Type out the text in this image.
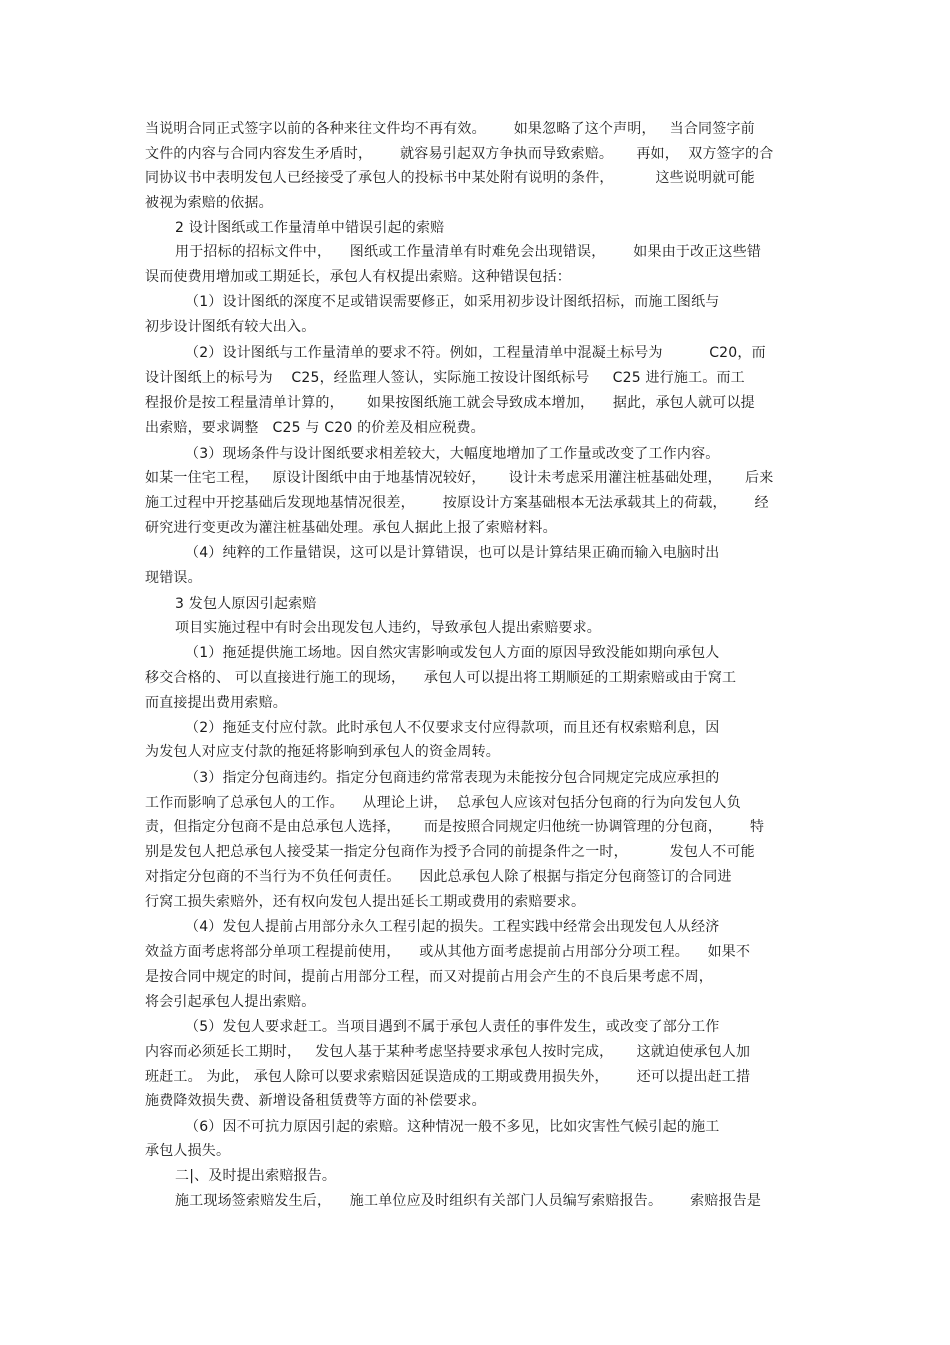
当说明合同正式签字以前的各种来往文件均不再有效。      如果忽略了这个声明，   当合同签字前
文件的内容与合同内容发生矛盾时，      就容易引起双方争执而导致索赔。     再如，  双方签字的合
同协议书中表明发包人已经接受了承包人的投标书中某处附有说明的条件，         这些说明就可能
被视为索赔的依据。
2 设计图纸或工作量清单中错误引起的索赔
用于招标的招标文件中，    图纸或工作量清单有时难免会出现错误，      如果由于改正这些错
误而使费用增加或工期延长，承包人有权提出索赔。这种错误包括：
（1）设计图纸的深度不足或错误需要修正，如采用初步设计图纸招标，而施工图纸与
初步设计图纸有较大出入。
（2）设计图纸与工作量清单的要求不符。例如，工程量清单中混凝土标号为          C20，而
设计图纸上的标号为    C25，经监理人签认，实际施工按设计图纸标号     C25 进行施工。而工
程报价是按工程量清单计算的，     如果按图纸施工就会导致成本增加，    据此，承包人就可以提
出索赔，要求调整   C25 与 C20 的价差及相应税费。
（3）现场条件与设计图纸要求相差较大，大幅度地增加了工作量或改变了工作内容。
如某一住宅工程，   原设计图纸中由于地基情况较好，     设计未考虑采用灌注桩基础处理，     后来
施工过程中开挖基础后发现地基情况很差，      按原设计方案基础根本无法承载其上的荷载，      经
研究进行变更改为灌注桩基础处理。承包人据此上报了索赔材料。
（4）纯粹的工作量错误，这可以是计算错误，也可以是计算结果正确而输入电脑时出
现错误。
3 发包人原因引起索赔
项目实施过程中有时会出现发包人违约，导致承包人提出索赔要求。
（1）拖延提供施工场地。因自然灾害影响或发包人方面的原因导致没能如期向承包人
移交合格的、 可以直接进行施工的现场，    承包人可以提出将工期顺延的工期索赔或由于窝工
而直接提出费用索赔。
（2）拖延支付应付款。此时承包人不仅要求支付应得款项，而且还有权索赔利息，因
为发包人对应支付款的拖延将影响到承包人的资金周转。
（3）指定分包商违约。指定分包商违约常常表现为未能按分包合同规定完成应承担的
工作而影响了总承包人的工作。    从理论上讲，  总承包人应该对包括分包商的行为向发包人负
责，但指定分包商不是由总承包人选择，     而是按照合同规定归他统一协调管理的分包商，      特
别是发包人把总承包人接受某一指定分包商作为授予合同的前提条件之一时，         发包人不可能
对指定分包商的不当行为不负任何责任。    因此总承包人除了根据与指定分包商签订的合同进
行窝工损失索赔外，还有权向发包人提出延长工期或费用的索赔要求。
（4）发包人提前占用部分永久工程引起的损失。工程实践中经常会出现发包人从经济
效益方面考虑将部分单项工程提前使用，    或从其他方面考虑提前占用部分分项工程。    如果不
是按合同中规定的时间，提前占用部分工程，而又对提前占用会产生的不良后果考虑不周，
将会引起承包人提出索赔。
（5）发包人要求赶工。当项目遇到不属于承包人责任的事件发生，或改变了部分工作
内容而必须延长工期时，   发包人基于某种考虑坚持要求承包人按时完成，     这就迫使承包人加
班赶工。 为此， 承包人除可以要求索赔因延误造成的工期或费用损失外，      还可以提出赶工措
施费降效损失费、新增设备租赁费等方面的补偿要求。
（6）因不可抗力原因引起的索赔。这种情况一般不多见，比如灾害性气候引起的施工
承包人损失。
二|、及时提出索赔报告。
施工现场签索赔发生后，    施工单位应及时组织有关部门人员编写索赔报告。      索赔报告是
